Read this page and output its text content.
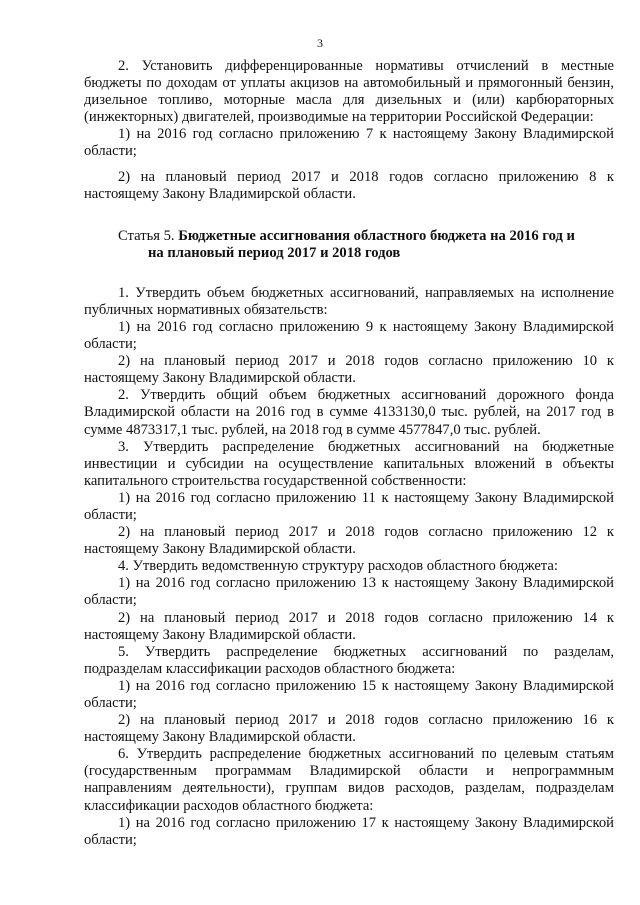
3

2. Установить дифференцированные нормативы отчислений в местные бюджеты по доходам от уплаты акцизов на автомобильный и прямогонный бензин, дизельное топливо, моторные масла для дизельных и (или) карбюраторных (инжекторных) двигателей, производимые на территории Российской Федерации:

1) на 2016 год согласно приложению 7 к настоящему Закону Владимирской области;

2) на плановый период 2017 и 2018 годов согласно приложению 8 к настоящему Закону Владимирской области.

Статья 5. Бюджетные ассигнования областного бюджета на 2016 год и
на плановый период 2017 и 2018 годов

1. Утвердить объем бюджетных ассигнований, направляемых на исполнение публичных нормативных обязательств:

1) на 2016 год согласно приложению 9 к настоящему Закону Владимирской области;

2) на плановый период 2017 и 2018 годов согласно приложению 10 к настоящему Закону Владимирской области.

2. Утвердить общий объем бюджетных ассигнований дорожного фонда Владимирской области на 2016 год в сумме 4133130,0 тыс. рублей, на 2017 год в сумме 4873317,1 тыс. рублей, на 2018 год в сумме 4577847,0 тыс. рублей.

3. Утвердить распределение бюджетных ассигнований на бюджетные инвестиции и субсидии на осуществление капитальных вложений в объекты капитального строительства государственной собственности:

1) на 2016 год согласно приложению 11 к настоящему Закону Владимирской области;

2) на плановый период 2017 и 2018 годов согласно приложению 12 к настоящему Закону Владимирской области.

4. Утвердить ведомственную структуру расходов областного бюджета:

1) на 2016 год согласно приложению 13 к настоящему Закону Владимирской области;

2) на плановый период 2017 и 2018 годов согласно приложению 14 к настоящему Закону Владимирской области.

5. Утвердить распределение бюджетных ассигнований по разделам, подразделам классификации расходов областного бюджета:

1) на 2016 год согласно приложению 15 к настоящему Закону Владимирской области;

2) на плановый период 2017 и 2018 годов согласно приложению 16 к настоящему Закону Владимирской области.

6. Утвердить распределение бюджетных ассигнований по целевым статьям (государственным программам Владимирской области и непрограммным направлениям деятельности), группам видов расходов, разделам, подразделам классификации расходов областного бюджета:

1) на 2016 год согласно приложению 17 к настоящему Закону Владимирской области;
